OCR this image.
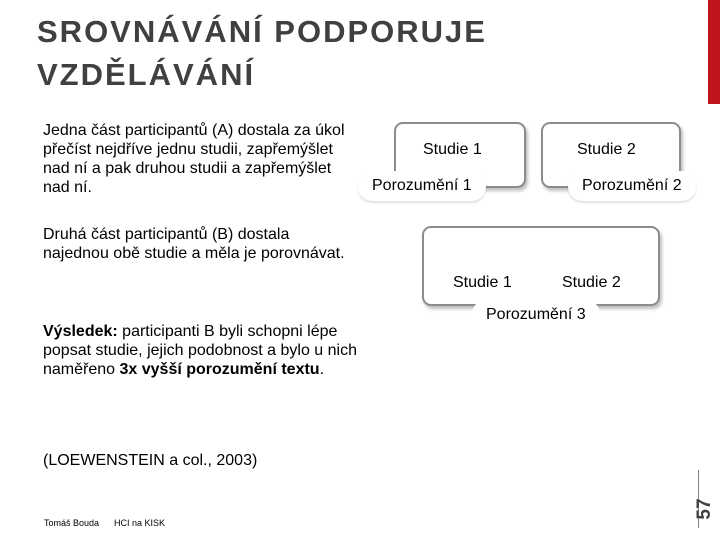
SROVNÁVÁNÍ PODPORUJE VZDĚLÁVÁNÍ
Jedna část participantů (A) dostala za úkol přečíst nejdříve jednu studii, zapřemýšlet nad ní a pak druhou studii a zapřemýšlet nad ní.
Druhá část participantů (B) dostala najednou obě studie a měla je porovnávat.
Výsledek: participanti B byli schopni lépe popsat studie, jejich podobnost a bylo u nich naměřeno 3x vyšší porozumění textu.
(LOEWENSTEIN a col., 2003)
Studie 1
Porozumění 1
Studie 2
Porozumění 2
Studie 1	Studie 2
Porozumění 3
57
Tomáš Bouda HCI na KISK
